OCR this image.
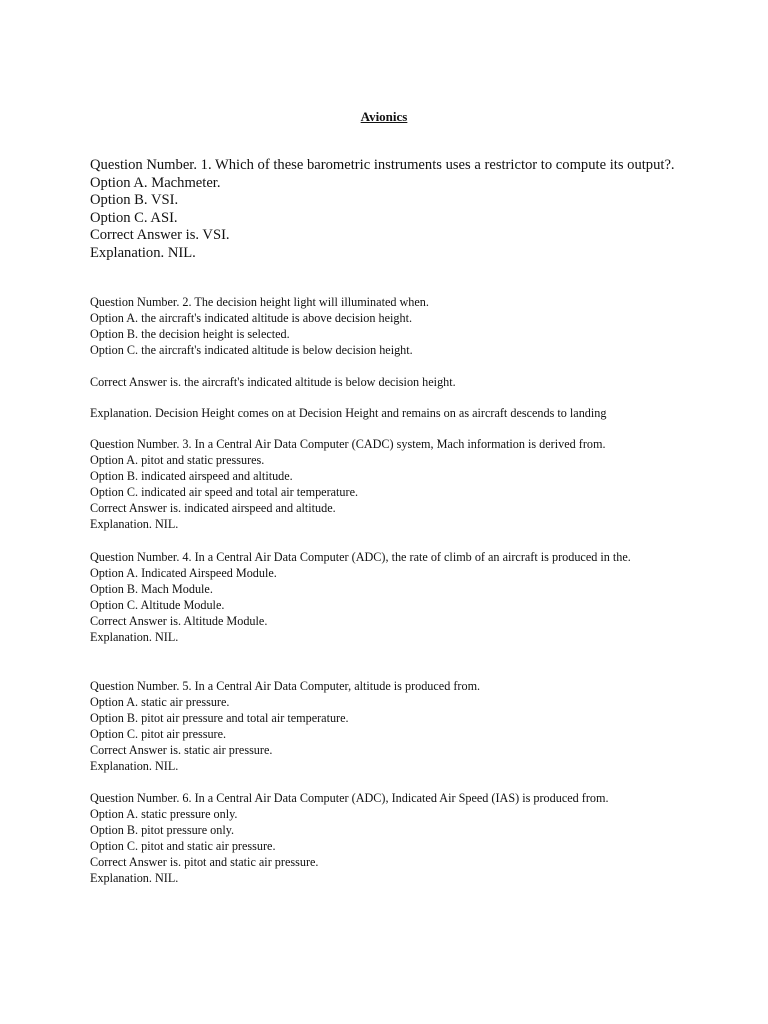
Avionics
Question Number. 1. Which of these barometric instruments uses a restrictor to compute its output?.
Option A. Machmeter.
Option B. VSI.
Option C. ASI.
Correct Answer is. VSI.
Explanation. NIL.
Question Number. 2. The decision height light will illuminated when.
Option A. the aircraft's indicated altitude is above decision height.
Option B. the decision height is selected.
Option C. the aircraft's indicated altitude is below decision height.
Correct Answer is. the aircraft's indicated altitude is below decision height.
Explanation. Decision Height comes on at Decision Height and remains on as aircraft descends to landing
Question Number. 3. In a Central Air Data Computer (CADC) system, Mach information is derived from.
Option A. pitot and static pressures.
Option B. indicated airspeed and altitude.
Option C. indicated air speed and total air temperature.
Correct Answer is. indicated airspeed and altitude.
Explanation. NIL.
Question Number. 4. In a Central Air Data Computer (ADC), the rate of climb of an aircraft is produced in the.
Option A. Indicated Airspeed Module.
Option B. Mach Module.
Option C. Altitude Module.
Correct Answer is. Altitude Module.
Explanation. NIL.
Question Number. 5. In a Central Air Data Computer, altitude is produced from.
Option A. static air pressure.
Option B. pitot air pressure and total air temperature.
Option C. pitot air pressure.
Correct Answer is. static air pressure.
Explanation. NIL.
Question Number. 6. In a Central Air Data Computer (ADC), Indicated Air Speed (IAS) is produced from.
Option A. static pressure only.
Option B. pitot pressure only.
Option C. pitot and static air pressure.
Correct Answer is. pitot and static air pressure.
Explanation. NIL.
